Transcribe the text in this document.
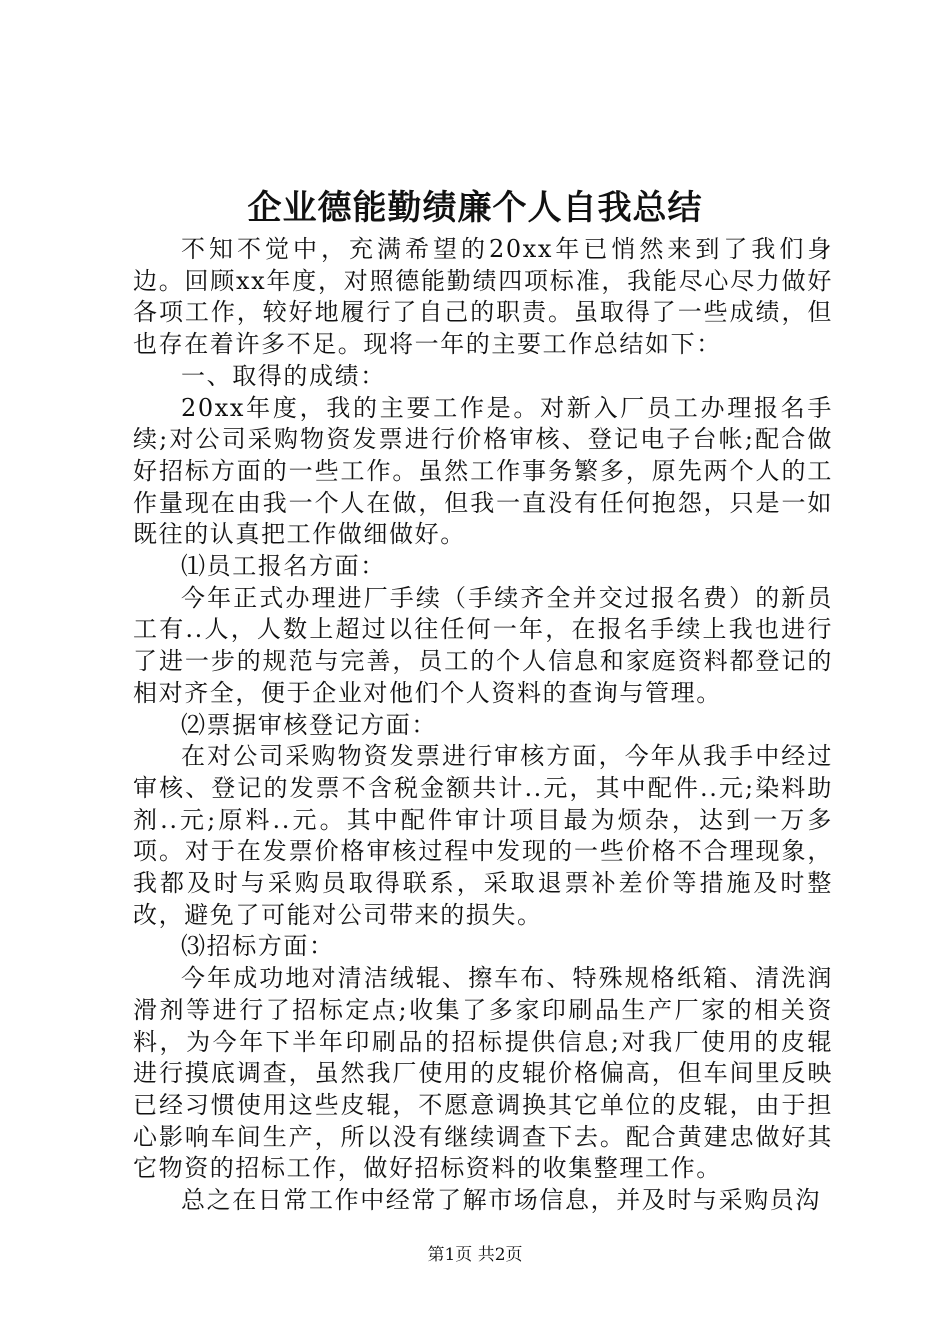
企业德能勤绩廉个人自我总结

不知不觉中，充满希望的20xx年已悄然来到了我们身边。回顾xx年度，对照德能勤绩四项标准，我能尽心尽力做好各项工作，较好地履行了自己的职责。虽取得了一些成绩，但也存在着许多不足。现将一年的主要工作总结如下：

一、取得的成绩：

20xx年度，我的主要工作是。对新入厂员工办理报名手续;对公司采购物资发票进行价格审核、登记电子台帐;配合做好招标方面的一些工作。虽然工作事务繁多，原先两个人的工作量现在由我一个人在做，但我一直没有任何抱怨，只是一如既往的认真把工作做细做好。

⑴员工报名方面：

今年正式办理进厂手续（手续齐全并交过报名费）的新员工有..人，人数上超过以往任何一年，在报名手续上我也进行了进一步的规范与完善，员工的个人信息和家庭资料都登记的相对齐全，便于企业对他们个人资料的查询与管理。

⑵票据审核登记方面：

在对公司采购物资发票进行审核方面，今年从我手中经过审核、登记的发票不含税金额共计..元，其中配件..元;染料助剂..元;原料..元。其中配件审计项目最为烦杂，达到一万多项。对于在发票价格审核过程中发现的一些价格不合理现象，我都及时与采购员取得联系，采取退票补差价等措施及时整改，避免了可能对公司带来的损失。

⑶招标方面：

今年成功地对清洁绒辊、擦车布、特殊规格纸箱、清洗润滑剂等进行了招标定点;收集了多家印刷品生产厂家的相关资料，为今年下半年印刷品的招标提供信息;对我厂使用的皮辊进行摸底调查，虽然我厂使用的皮辊价格偏高，但车间里反映已经习惯使用这些皮辊，不愿意调换其它单位的皮辊，由于担心影响车间生产，所以没有继续调查下去。配合黄建忠做好其它物资的招标工作，做好招标资料的收集整理工作。

总之在日常工作中经常了解市场信息，并及时与采购员沟

第1页 共2页
